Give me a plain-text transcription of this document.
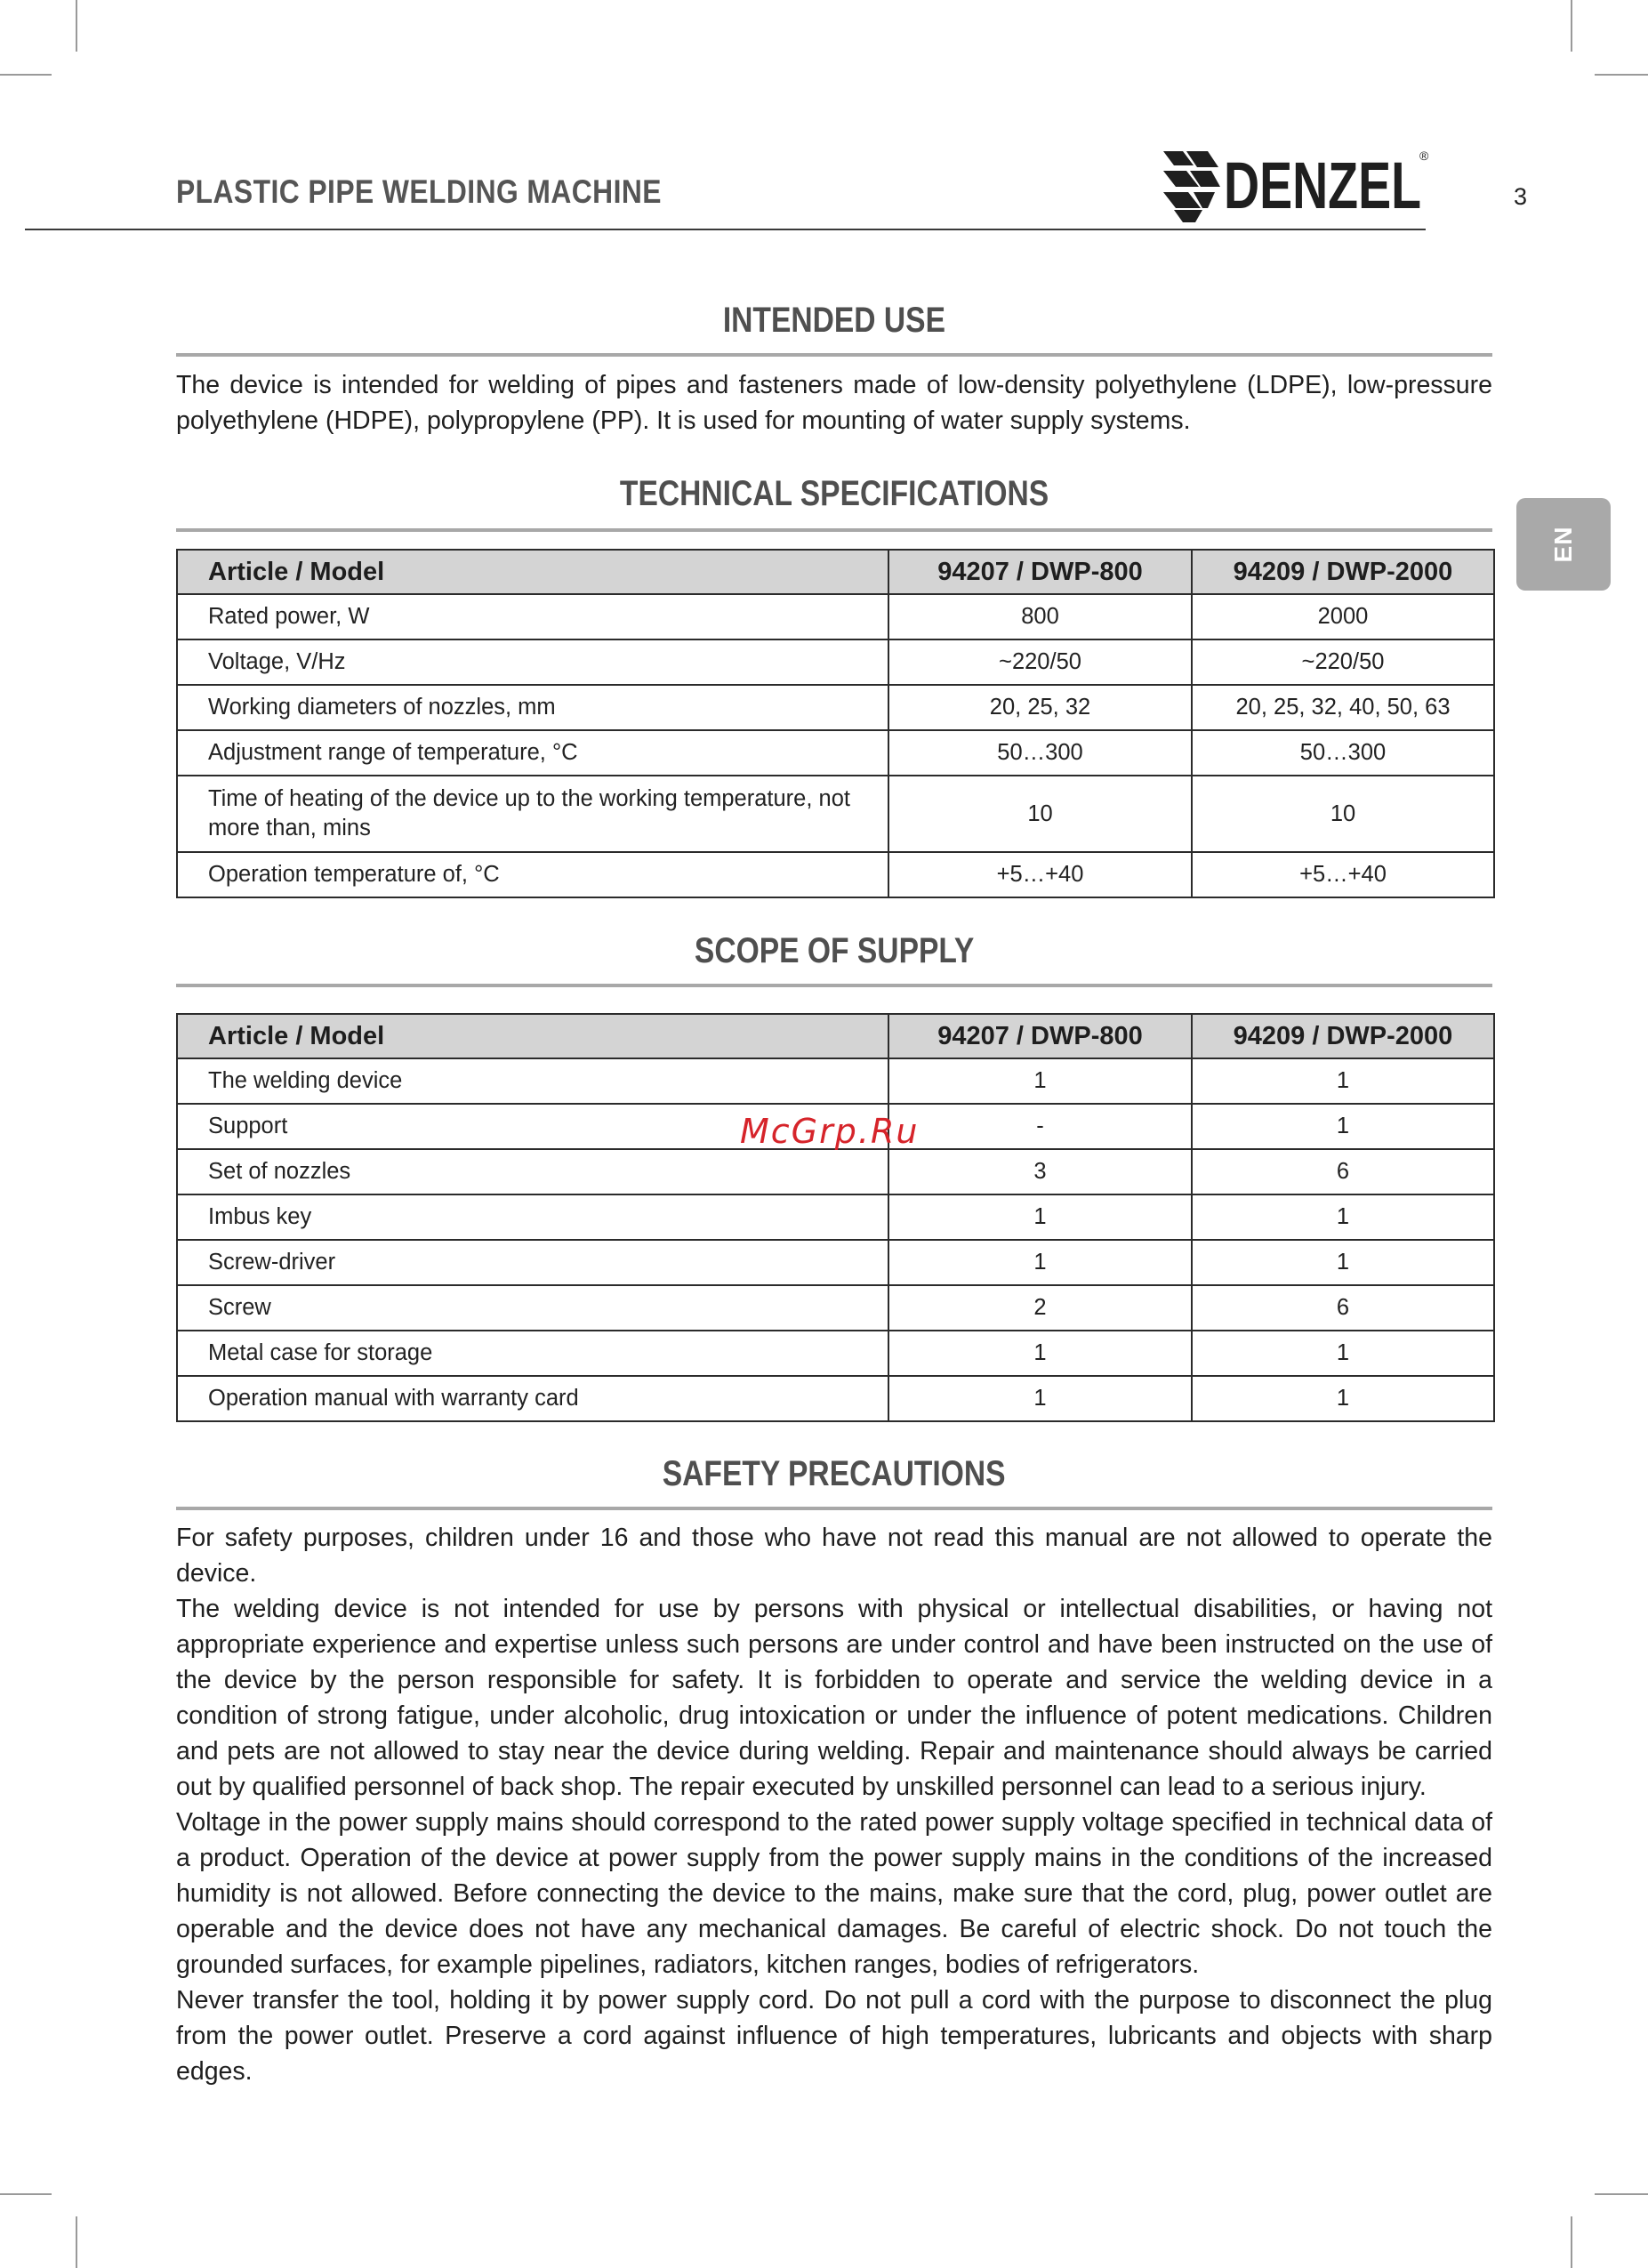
PLASTIC PIPE WELDING MACHINE	DENZEL
®
3
EN
INTENDED USE

The device is intended for welding of pipes and fasteners made of low-density polyethylene (LDPE), low-pressure polyethylene (HDPE), polypropylene (PP). It is used for mounting of water supply systems.

TECHNICAL SPECIFICATIONS
Article / Model	94207 / DWP-800	94209 / DWP-2000
Rated power, W	800	2000
Voltage, V/Hz	~220/50	~220/50
Working diameters of nozzles, mm	20, 25, 32	20, 25, 32, 40, 50, 63
Adjustment range of temperature, °C	50…300	50…300
Time of heating of the device up to the working temperature, not more than, mins	10	10
Operation temperature of, °C	+5…+40	+5…+40
SCOPE OF SUPPLY
Article / Model	94207 / DWP-800	94209 / DWP-2000
The welding device	1	1
Support	-	1
Set of nozzles	3	6
Imbus key	1	1
Screw-driver	1	1
Screw	2	6
Metal case for storage	1	1
Operation manual with warranty card	1	1
McGrp.Ru
SAFETY PRECAUTIONS

For safety purposes, children under 16 and those who have not read this manual are not allowed to operate the device.

The welding device is not intended for use by persons with physical or intellectual disabilities, or having not appropriate experience and expertise unless such persons are under control and have been instructed on the use of the device by the person responsible for safety. It is forbidden to operate and service the welding device in a condition of strong fatigue, under alcoholic, drug intoxication or under the influence of potent medications. Children and pets are not allowed to stay near the device during welding. Repair and maintenance should always be carried out by qualified personnel of back shop. The repair executed by unskilled personnel can lead to a serious injury.

Voltage in the power supply mains should correspond to the rated power supply voltage specified in technical data of a product. Operation of the device at power supply from the power supply mains in the conditions of the increased humidity is not allowed. Before connecting the device to the mains, make sure that the cord, plug, power outlet are operable and the device does not have any mechanical damages. Be careful of electric shock. Do not touch the grounded surfaces, for example pipelines, radiators, kitchen ranges, bodies of refrigerators.

Never transfer the tool, holding it by power supply cord. Do not pull a cord with the purpose to disconnect the plug from the power outlet. Preserve a cord against influence of high temperatures, lubricants and objects with sharp edges.
